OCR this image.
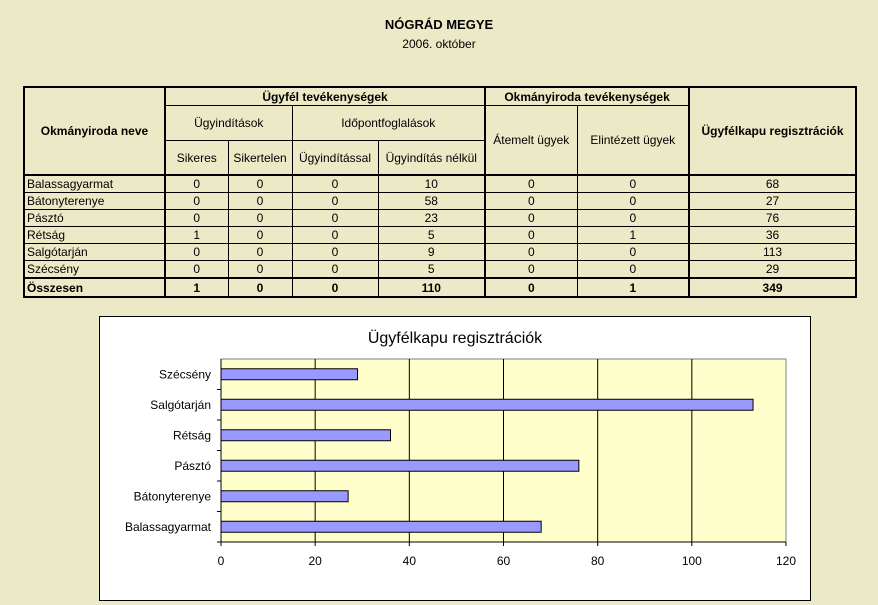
NÓGRÁD MEGYE
2006. október
Okmányiroda neve	Ügyfél tevékenységek				Okmányiroda tevékenységek		Ügyfélkapu regisztrációk
	Ügyindítások		Időpontfoglalások		Átemelt ügyek	Elintézett ügyek	
	Sikeres	Sikertelen	Ügyindítással	Ügyindítás nélkül			
Balassagyarmat	0	0	0	10	0	0	68
Bátonyterenye	0	0	0	58	0	0	27
Pásztó	0	0	0	23	0	0	76
Rétság	1	0	0	5	0	1	36
Salgótarján	0	0	0	9	0	0	113
Szécsény	0	0	0	5	0	0	29
Összesen	1	0	0	110	0	1	349
Ügyfélkapu regisztrációk
0	20	40	60	80	100	120
Balassagyarmat
Bátonyterenye
Pásztó
Rétság
Salgótarján
Szécsény
